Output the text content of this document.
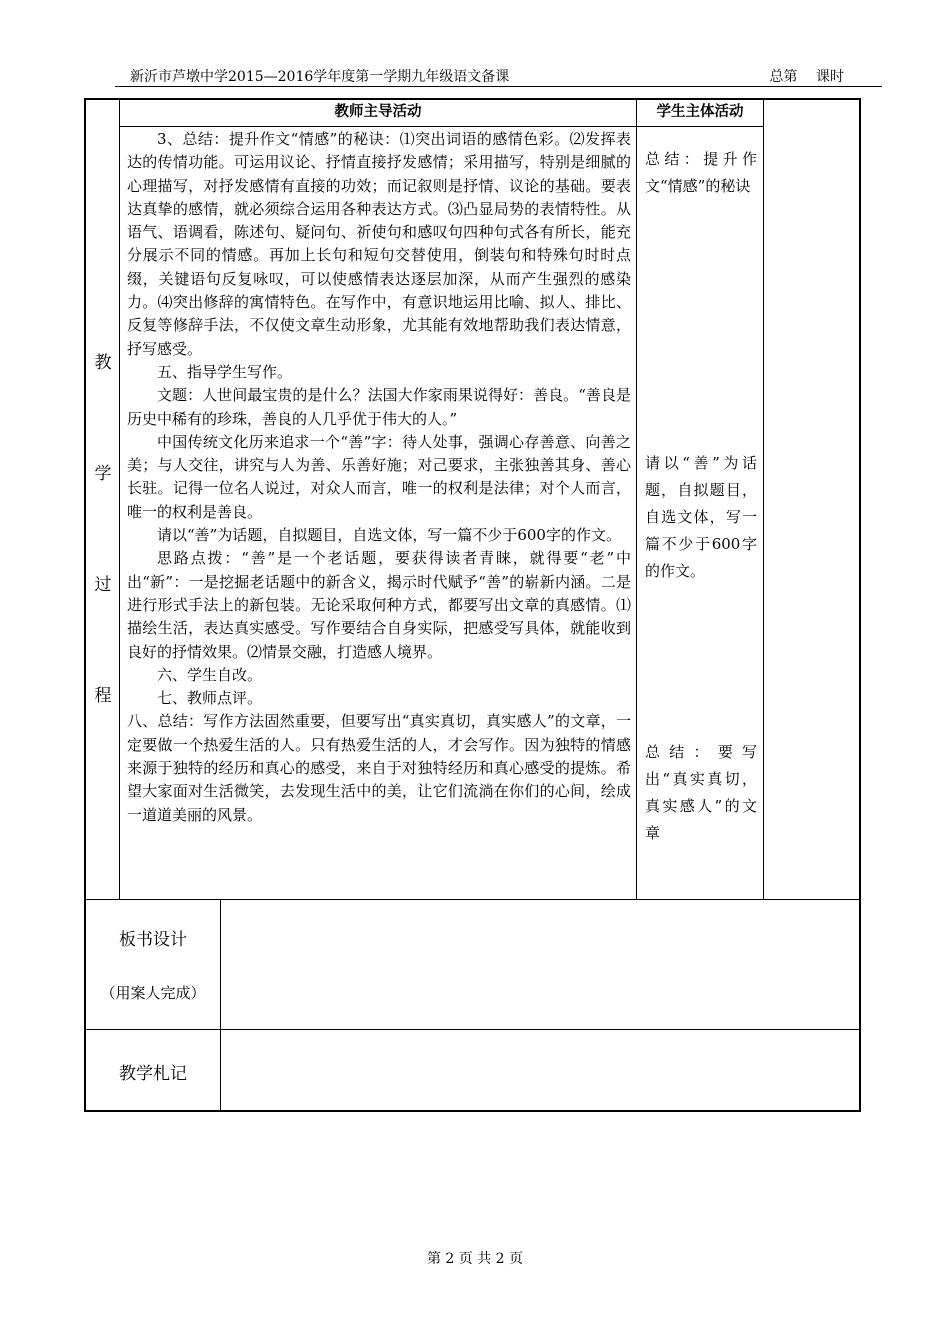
新沂市芦墩中学2015—2016学年度第一学期九年级语文备课	总第 课时
教师主导活动	学生主体活动
教
学
过
程

3、总结：提升作文“情感”的秘诀：⑴突出词语的感情色彩。⑵发挥表达的传情功能。可运用议论、抒情直接抒发感情；采用描写，特别是细腻的心理描写，对抒发感情有直接的功效；而记叙则是抒情、议论的基础。要表达真挚的感情，就必须综合运用各种表达方式。⑶凸显局势的表情特性。从语气、语调看，陈述句、疑问句、祈使句和感叹句四种句式各有所长，能充分展示不同的情感。再加上长句和短句交替使用，倒装句和特殊句时时点缀，关键语句反复咏叹，可以使感情表达逐层加深，从而产生强烈的感染力。⑷突出修辞的寓情特色。在写作中，有意识地运用比喻、拟人、排比、反复等修辞手法，不仅使文章生动形象，尤其能有效地帮助我们表达情意，抒写感受。

五、指导学生写作。

文题：人世间最宝贵的是什么？法国大作家雨果说得好：善良。“善良是历史中稀有的珍珠，善良的人几乎优于伟大的人。”

中国传统文化历来追求一个“善”字：待人处事，强调心存善意、向善之美；与人交往，讲究与人为善、乐善好施；对己要求，主张独善其身、善心长驻。记得一位名人说过，对众人而言，唯一的权利是法律；对个人而言，唯一的权利是善良。

请以“善”为话题，自拟题目，自选文体，写一篇不少于600字的作文。

思路点拨：“善”是一个老话题，要获得读者青睐，就得要“老”中出“新”：一是挖掘老话题中的新含义，揭示时代赋予“善”的崭新内涵。二是进行形式手法上的新包装。无论采取何种方式，都要写出文章的真感情。⑴描绘生活，表达真实感受。写作要结合自身实际，把感受写具体，就能收到良好的抒情效果。⑵情景交融，打造感人境界。

六、学生自改。

七、教师点评。

八、总结：写作方法固然重要，但要写出“真实真切，真实感人”的文章，一定要做一个热爱生活的人。只有热爱生活的人，才会写作。因为独特的情感来源于独特的经历和真心的感受，来自于对独特经历和真心感受的提炼。希望大家面对生活微笑，去发现生活中的美，让它们流淌在你们的心间，绘成一道道美丽的风景。

总结：提升作文“情感”的秘诀

请以“善”为话题，自拟题目，自选文体，写一篇不少于600字的作文。

总结：要写出“真实真切，真实感人”的文章

板书设计
（用案人完成）
教学札记
第 2 页 共 2 页
